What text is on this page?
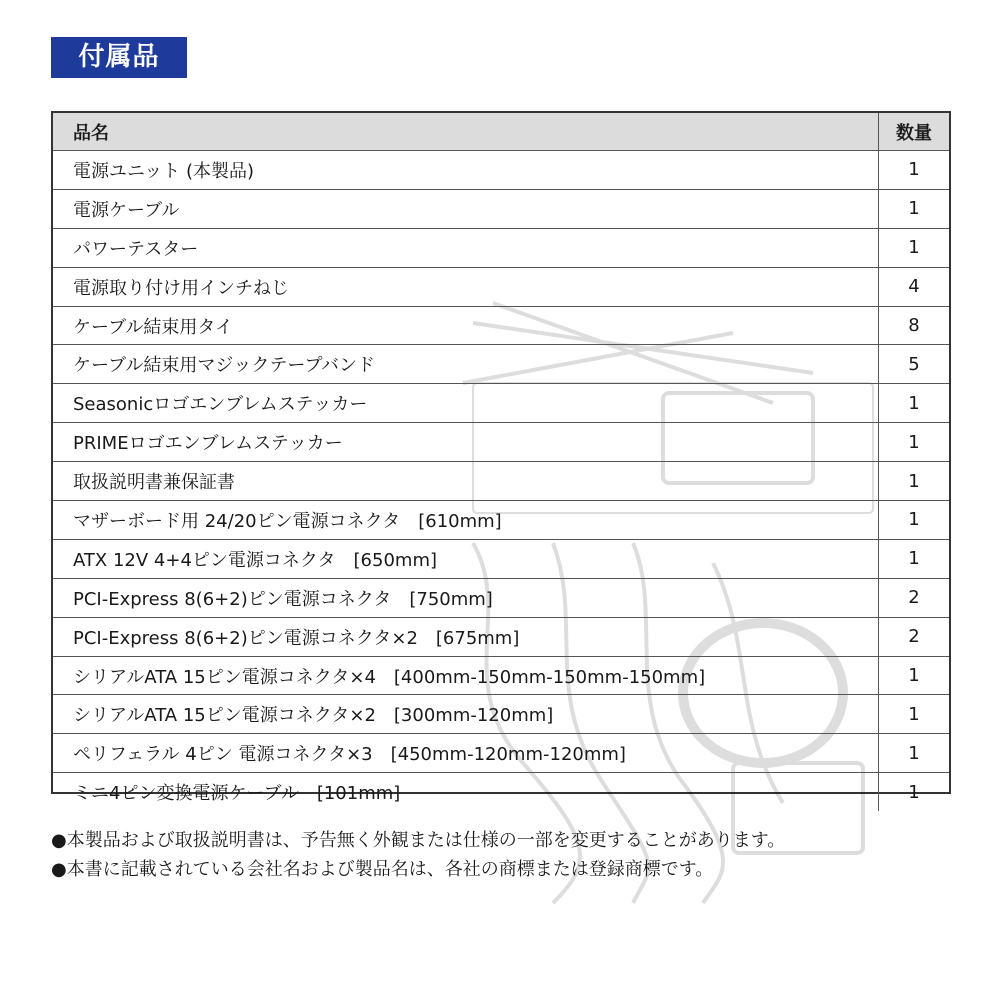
付属品
品名	数量
電源ユニット (本製品)	1
電源ケーブル	1
パワーテスター	1
電源取り付け用インチねじ	4
ケーブル結束用タイ	8
ケーブル結束用マジックテープバンド	5
Seasonicロゴエンブレムステッカー	1
PRIMEロゴエンブレムステッカー	1
取扱説明書兼保証書	1
マザーボード用 24/20ピン電源コネクタ　[610mm]	1
ATX 12V 4+4ピン電源コネクタ　[650mm]	1
PCI-Express 8(6+2)ピン電源コネクタ　[750mm]	2
PCI-Express 8(6+2)ピン電源コネクタ×2　[675mm]	2
シリアルATA 15ピン電源コネクタ×4　[400mm-150mm-150mm-150mm]	1
シリアルATA 15ピン電源コネクタ×2　[300mm-120mm]	1
ペリフェラル 4ピン 電源コネクタ×3　[450mm-120mm-120mm]	1
ミニ4ピン変換電源ケーブル　[101mm]	1
●本製品および取扱説明書は、予告無く外観または仕様の一部を変更することがあります。
●本書に記載されている会社名および製品名は、各社の商標または登録商標です。
